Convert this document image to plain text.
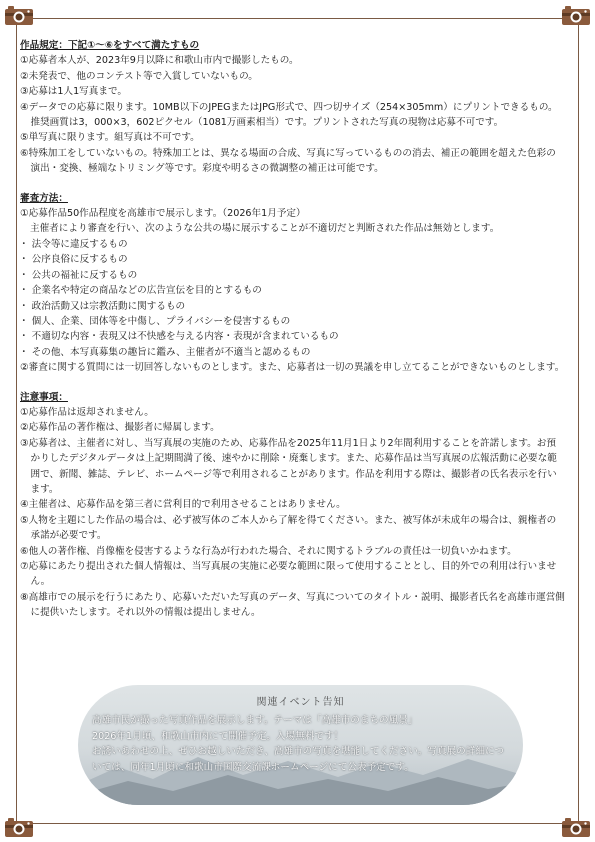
作品規定：下記①～⑥をすべて満たすもの

①応募者本人が、2023年9月以降に和歌山市内で撮影したもの。

②未発表で、他のコンテスト等で入賞していないもの。

③応募は1人1写真まで。

④データでの応募に限ります。10MB以下のJPEGまたはJPG形式で、四つ切サイズ（254×305mm）にプリントできるもの。推奨画質は3，000×3，602ピクセル（1081万画素相当）です。プリントされた写真の現物は応募不可です。

⑤単写真に限ります。組写真は不可です。

⑥特殊加工をしていないもの。特殊加工とは、異なる場面の合成、写真に写っているものの消去、補正の範囲を超えた色彩の演出・変換、極端なトリミング等です。彩度や明るさの微調整の補正は可能です。

審査方法：

①応募作品50作品程度を高雄市で展示します。（2026年1月予定）

主催者により審査を行い、次のような公共の場に展示することが不適切だと判断された作品は無効とします。

・ 法令等に違反するもの

・ 公序良俗に反するもの

・ 公共の福祉に反するもの

・ 企業名や特定の商品などの広告宣伝を目的とするもの

・ 政治活動又は宗教活動に関するもの

・ 個人、企業、団体等を中傷し、プライバシーを侵害するもの

・ 不適切な内容・表現又は不快感を与える内容・表現が含まれているもの

・ その他、本写真募集の趣旨に鑑み、主催者が不適当と認めるもの

②審査に関する質問には一切回答しないものとします。また、応募者は一切の異議を申し立てることができないものとします。

注意事項：

①応募作品は返却されません。

②応募作品の著作権は、撮影者に帰属します。

③応募者は、主催者に対し、当写真展の実施のため、応募作品を2025年11月1日より2年間利用することを許諾します。お預かりしたデジタルデータは上記期間満了後、速やかに削除・廃棄します。また、応募作品は当写真展の広報活動に必要な範囲で、新聞、雑誌、テレビ、ホームページ等で利用されることがあります。作品を利用する際は、撮影者の氏名表示を行います。

④主催者は、応募作品を第三者に営利目的で利用させることはありません。

⑤人物を主題にした作品の場合は、必ず被写体のご本人から了解を得てください。また、被写体が未成年の場合は、親権者の承諾が必要です。

⑥他人の著作権、肖像権を侵害するような行為が行われた場合、それに関するトラブルの責任は一切負いかねます。

⑦応募にあたり提出された個人情報は、当写真展の実施に必要な範囲に限って使用することとし、目的外での利用は行いません。

⑧高雄市での展示を行うにあたり、応募いただいた写真のデータ、写真についてのタイトル・説明、撮影者氏名を高雄市運営側に提供いたします。それ以外の情報は提出しません。

関連イベント告知

高雄市民が撮った写真作品を展示します。テーマは「高雄市のまちの風景」

2026年1月頃、和歌山市内にて開催予定。入場無料です！

お誘いあわせの上、ぜひお越しいただき、高雄市の写真を堪能してください。写真展の詳細については、同年1月頃に和歌山市国際交流課ホームページにて公表予定です。
